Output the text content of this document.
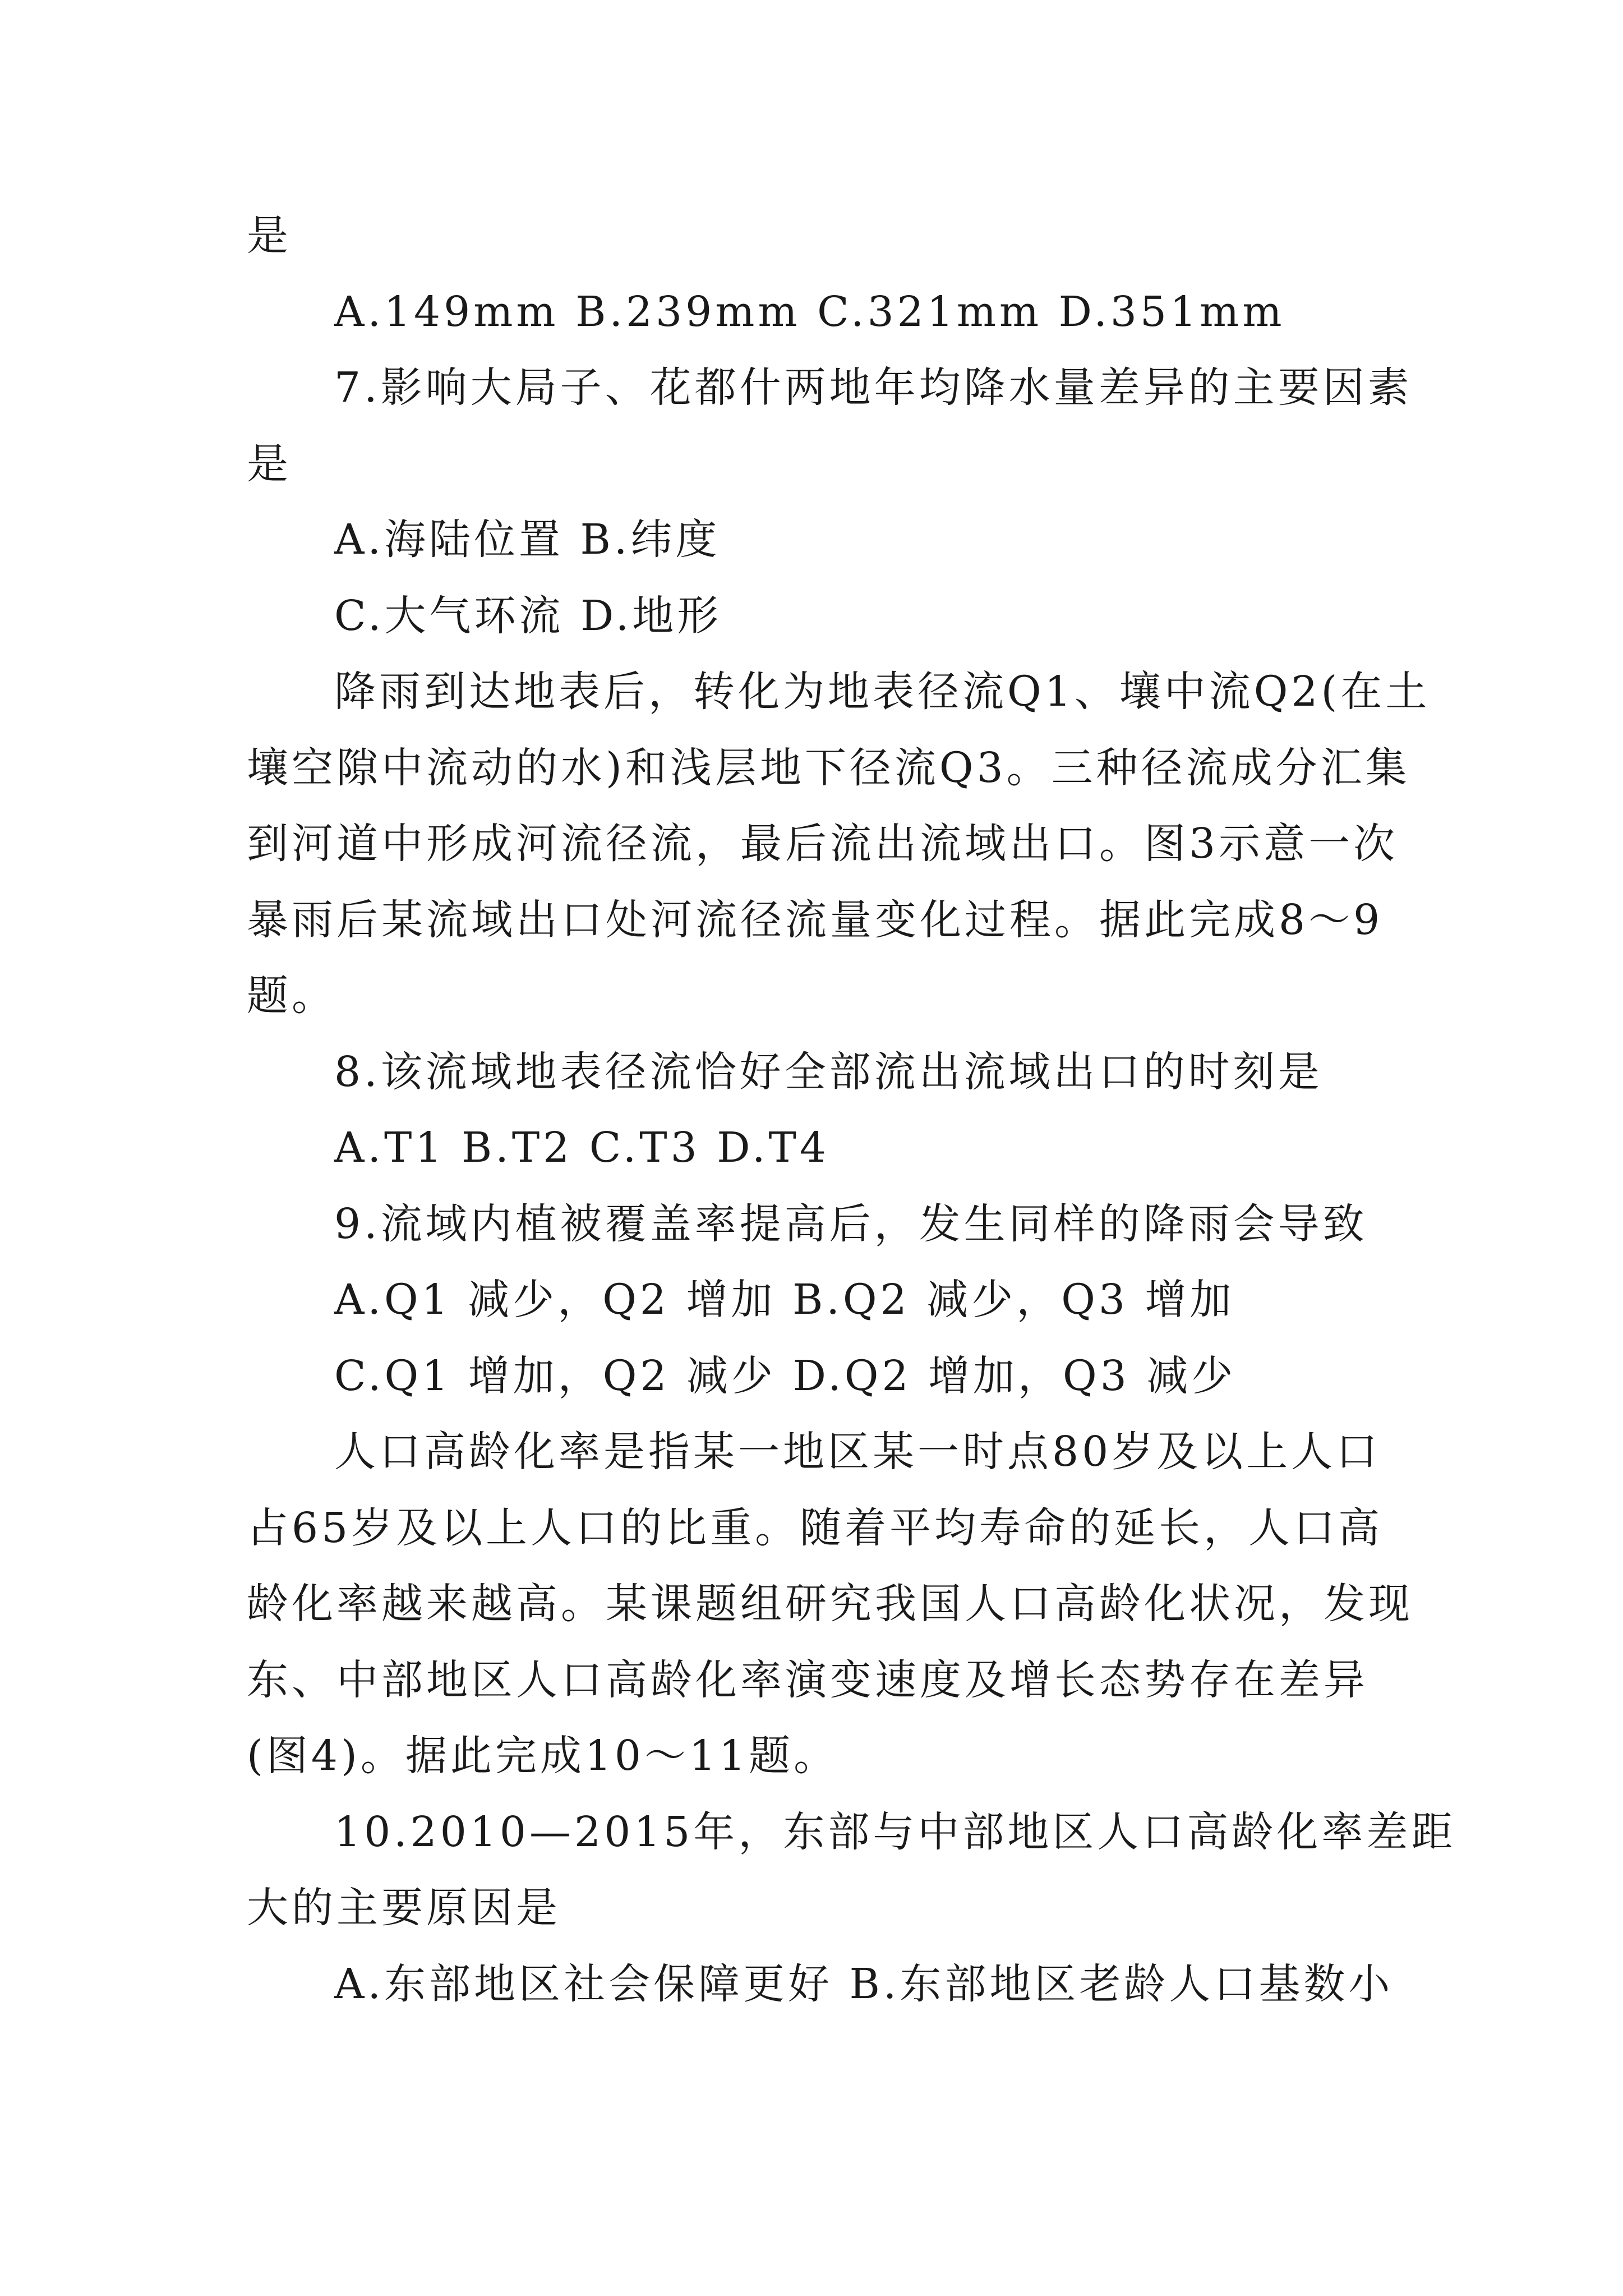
是
A.149mm B.239mm C.321mm D.351mm
7.影响大局子、花都什两地年均降水量差异的主要因素
是
A.海陆位置 B.纬度
C.大气环流 D.地形
降雨到达地表后，转化为地表径流Q1、壤中流Q2(在土
壤空隙中流动的水)和浅层地下径流Q3。三种径流成分汇集
到河道中形成河流径流，最后流出流域出口。图3示意一次
暴雨后某流域出口处河流径流量变化过程。据此完成8～9
题。
8.该流域地表径流恰好全部流出流域出口的时刻是
A.T1 B.T2 C.T3 D.T4
9.流域内植被覆盖率提高后，发生同样的降雨会导致
A.Q1 减少，Q2 增加 B.Q2 减少，Q3 增加
C.Q1 增加，Q2 减少 D.Q2 增加，Q3 减少
人口高龄化率是指某一地区某一时点80岁及以上人口
占65岁及以上人口的比重。随着平均寿命的延长，人口高
龄化率越来越高。某课题组研究我国人口高龄化状况，发现
东、中部地区人口高龄化率演变速度及增长态势存在差异
(图4)。据此完成10～11题。
10.2010—2015年，东部与中部地区人口高龄化率差距
大的主要原因是
A.东部地区社会保障更好 B.东部地区老龄人口基数小
